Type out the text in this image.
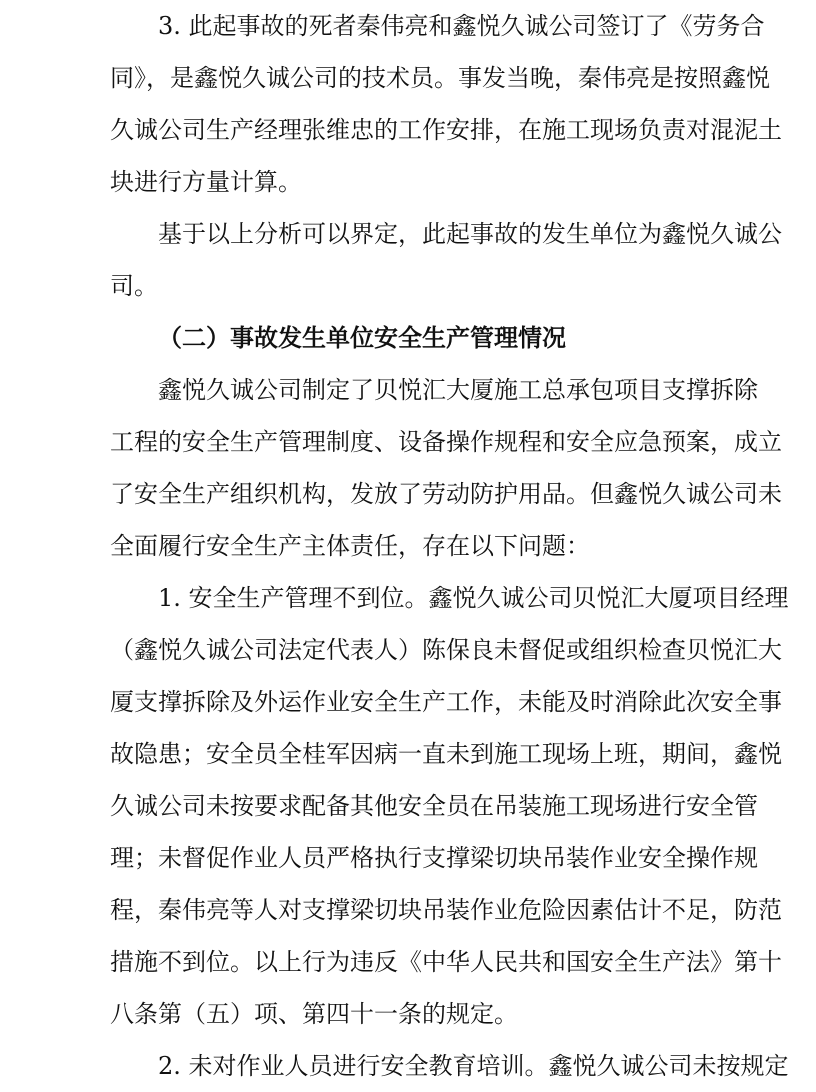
3. 此起事故的死者秦伟亮和鑫悦久诚公司签订了《劳务合
同》，是鑫悦久诚公司的技术员。事发当晚，秦伟亮是按照鑫悦
久诚公司生产经理张维忠的工作安排，在施工现场负责对混泥土
块进行方量计算。
基于以上分析可以界定，此起事故的发生单位为鑫悦久诚公
司。
（二）事故发生单位安全生产管理情况
鑫悦久诚公司制定了贝悦汇大厦施工总承包项目支撑拆除
工程的安全生产管理制度、设备操作规程和安全应急预案，成立
了安全生产组织机构，发放了劳动防护用品。但鑫悦久诚公司未
全面履行安全生产主体责任，存在以下问题：
1. 安全生产管理不到位。鑫悦久诚公司贝悦汇大厦项目经理
（鑫悦久诚公司法定代表人）陈保良未督促或组织检查贝悦汇大
厦支撑拆除及外运作业安全生产工作，未能及时消除此次安全事
故隐患；安全员全桂军因病一直未到施工现场上班，期间，鑫悦
久诚公司未按要求配备其他安全员在吊装施工现场进行安全管
理；未督促作业人员严格执行支撑梁切块吊装作业安全操作规
程，秦伟亮等人对支撑梁切块吊装作业危险因素估计不足，防范
措施不到位。以上行为违反《中华人民共和国安全生产法》第十
八条第（五）项、第四十一条的规定。
2. 未对作业人员进行安全教育培训。鑫悦久诚公司未按规定
